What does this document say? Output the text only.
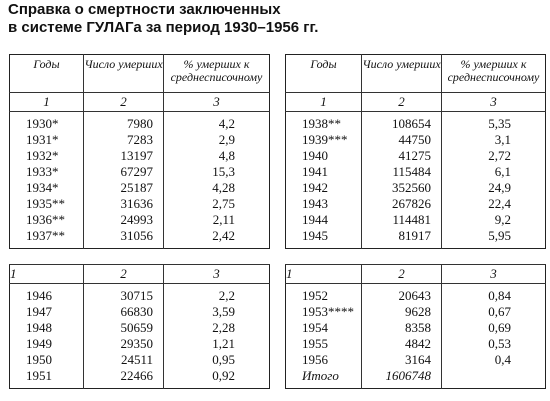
Справка о смертности заключенных
в системе ГУЛАГа за период 1930–1956 гг.
Годы	Число умерших	% умерших к среднесписочному
1	2	3
1930*	7980	4,2
1931*	7283	2,9
1932*	13197	4,8
1933*	67297	15,3
1934*	25187	4,28
1935**	31636	2,75
1936**	24993	2,11
1937**	31056	2,42

Годы	Число умерших	% умерших к среднесписочному
1	2	3
1938**	108654	5,35
1939***	44750	3,1
1940	41275	2,72
1941	115484	6,1
1942	352560	24,9
1943	267826	22,4
1944	114481	9,2
1945	81917	5,95

1	2	3
1946	30715	2,2
1947	66830	3,59
1948	50659	2,28
1949	29350	1,21
1950	24511	0,95
1951	22466	0,92

1	2	3
1952	20643	0,84
1953****	9628	0,67
1954	8358	0,69
1955	4842	0,53
1956	3164	0,4
Итого	1606748	
